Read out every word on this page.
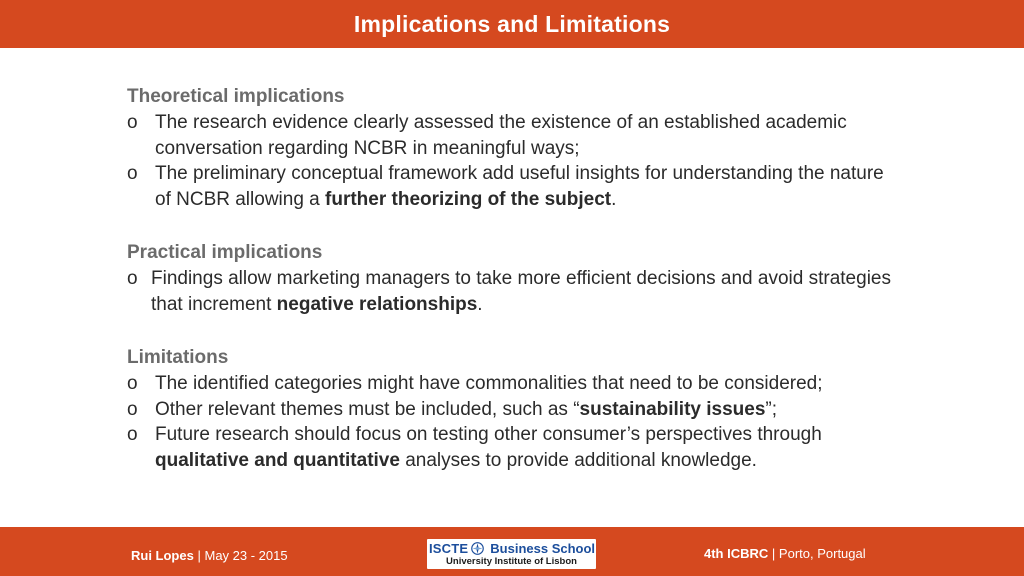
Implications and Limitations
Theoretical implications
o The research evidence clearly assessed the existence of an established academic
conversation regarding NCBR in meaningful ways;
o The preliminary conceptual framework add useful insights for understanding the nature
of NCBR allowing a further theorizing of the subject.
Practical implications
o Findings allow marketing managers to take more efficient decisions and avoid strategies
that increment negative relationships.
Limitations
o The identified categories might have commonalities that need to be considered;
o Other relevant themes must be included, such as “sustainability issues”;
o Future research should focus on testing other consumer’s perspectives through
qualitative and quantitative analyses to provide additional knowledge.
Rui Lopes | May 23 - 2015	4th ICBRC | Porto, Portugal
ISCTE Business School
University Institute of Lisbon
